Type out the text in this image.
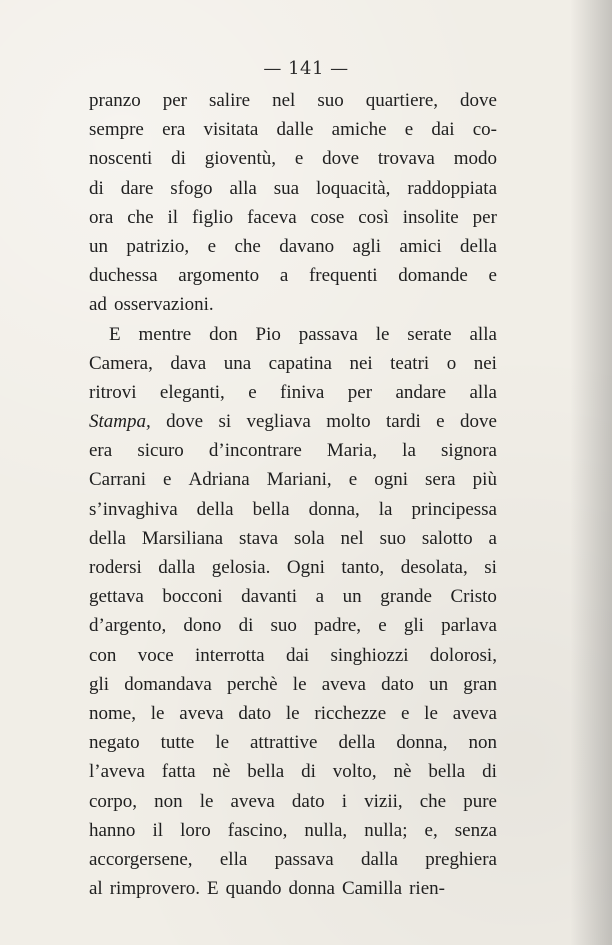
— 141 —
pranzo per salire nel suo quartiere, dove
sempre era visitata dalle amiche e dai co-
noscenti di gioventù, e dove trovava modo
di dare sfogo alla sua loquacità, raddoppiata
ora che il figlio faceva cose così insolite per
un patrizio, e che davano agli amici della
duchessa argomento a frequenti domande e
ad osservazioni.
E mentre don Pio passava le serate alla
Camera, dava una capatina nei teatri o nei
ritrovi eleganti, e finiva per andare alla
Stampa, dove si vegliava molto tardi e dove
era sicuro d’incontrare Maria, la signora
Carrani e Adriana Mariani, e ogni sera più
s’invaghiva della bella donna, la principessa
della Marsiliana stava sola nel suo salotto a
rodersi dalla gelosia. Ogni tanto, desolata, si
gettava bocconi davanti a un grande Cristo
d’argento, dono di suo padre, e gli parlava
con voce interrotta dai singhiozzi dolorosi,
gli domandava perchè le aveva dato un gran
nome, le aveva dato le ricchezze e le aveva
negato tutte le attrattive della donna, non
l’aveva fatta nè bella di volto, nè bella di
corpo, non le aveva dato i vizii, che pure
hanno il loro fascino, nulla, nulla; e, senza
accorgersene, ella passava dalla preghiera
al rimprovero. E quando donna Camilla rien-
